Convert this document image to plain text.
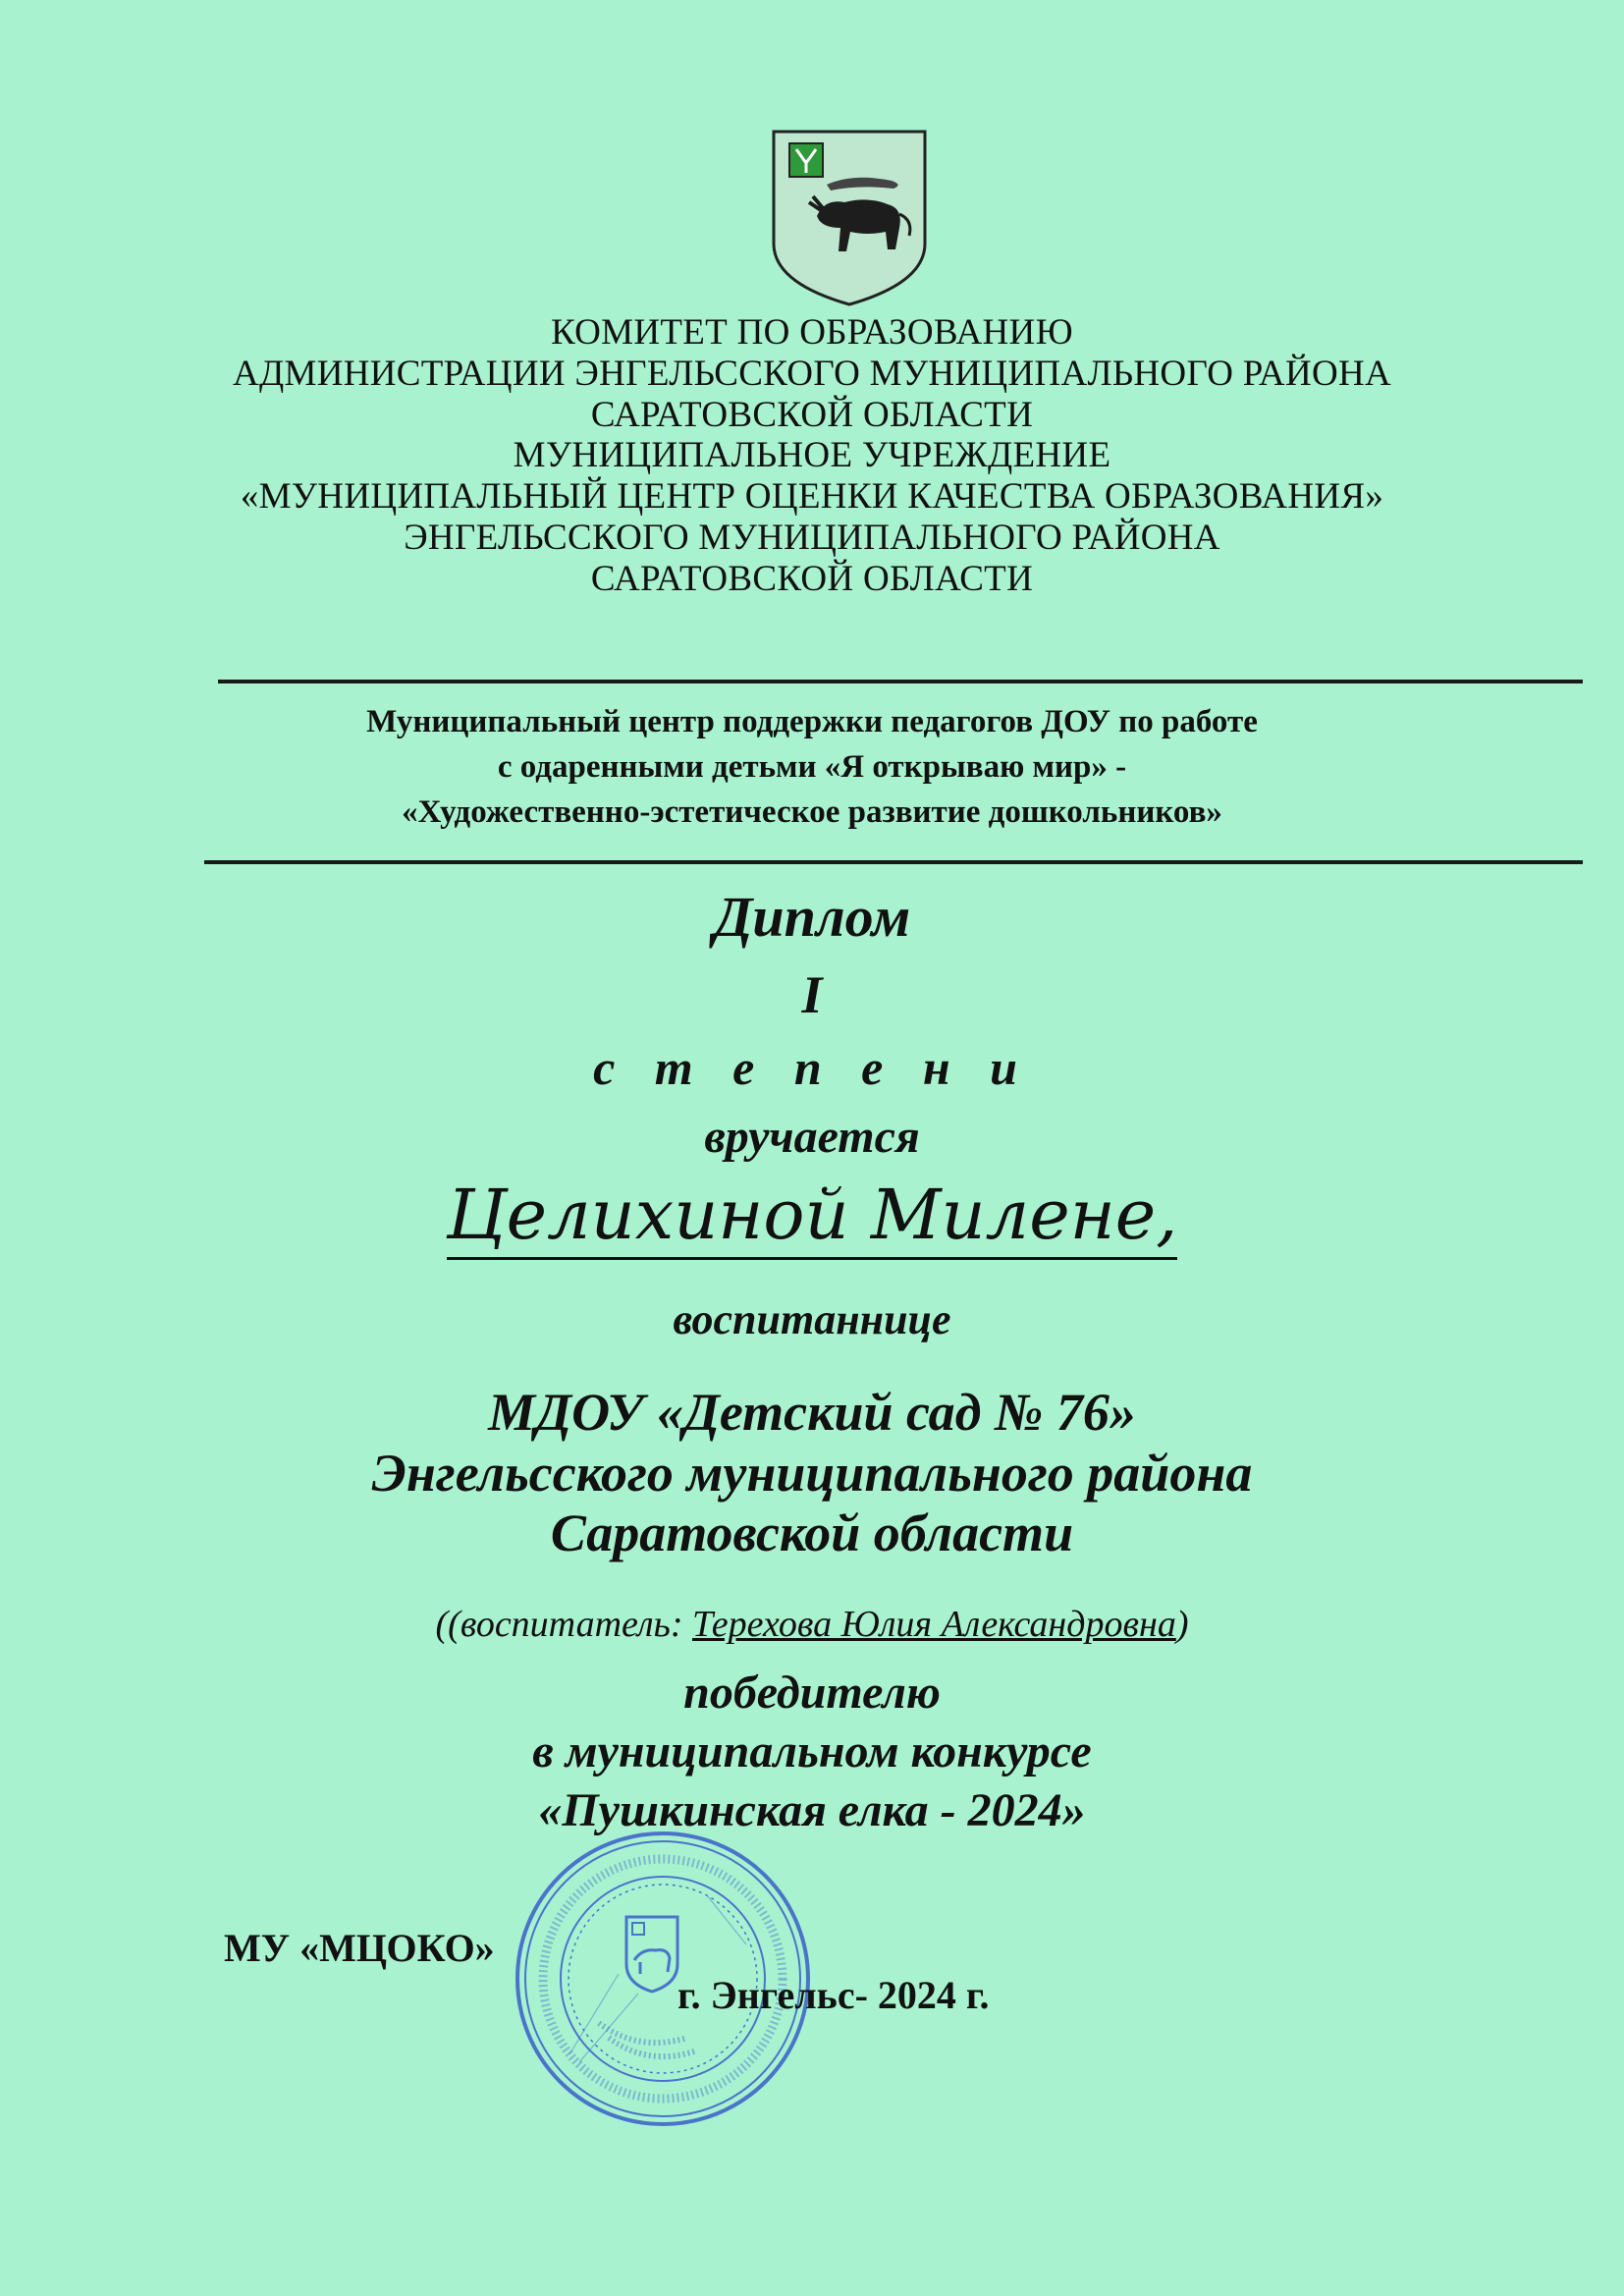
КОМИТЕТ ПО ОБРАЗОВАНИЮ
АДМИНИСТРАЦИИ ЭНГЕЛЬССКОГО МУНИЦИПАЛЬНОГО РАЙОНА
САРАТОВСКОЙ ОБЛАСТИ
МУНИЦИПАЛЬНОЕ УЧРЕЖДЕНИЕ
«МУНИЦИПАЛЬНЫЙ ЦЕНТР ОЦЕНКИ КАЧЕСТВА ОБРАЗОВАНИЯ»
ЭНГЕЛЬССКОГО МУНИЦИПАЛЬНОГО РАЙОНА
САРАТОВСКОЙ ОБЛАСТИ
Муниципальный центр поддержки педагогов ДОУ по работе
с одаренными детьми «Я открываю мир» -
«Художественно-эстетическое развитие дошкольников»
Диплом
I
с т е п е н и
вручается
Целихиной Милене,
воспитаннице
МДОУ «Детский сад № 76»
Энгельсского муниципального района
Саратовской области
((воспитатель: Терехова Юлия Александровна)
победителю
в муниципальном конкурсе
«Пушкинская елка - 2024»
МУ «МЦОКО»
г. Энгельс- 2024 г.
